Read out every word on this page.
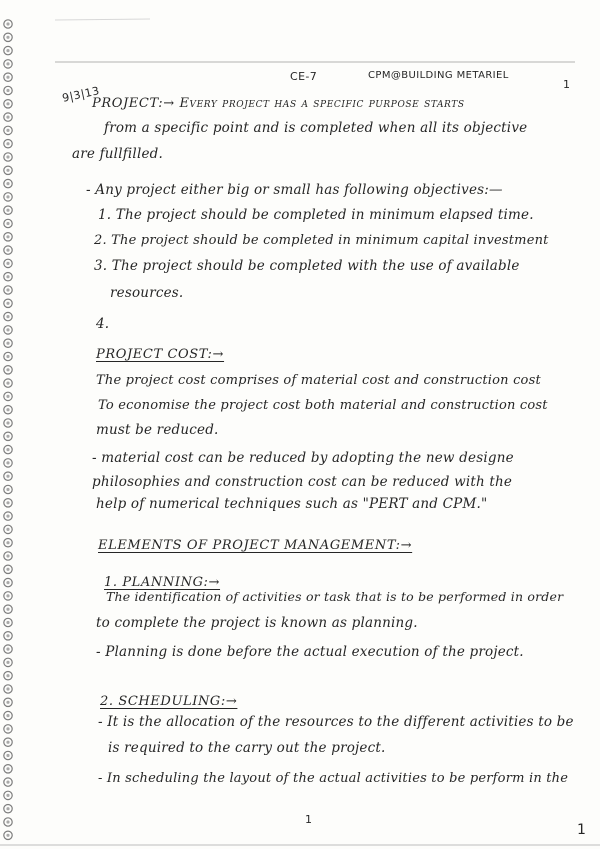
9|3|13
CE-7	CPM@BUILDING METARIEL
1
PROJECT:→ Every project has a specific purpose starts
from a specific point and is completed when all its objective
are fullfilled.
- Any project either big or small has following objectives:—
1. The project should be completed in minimum elapsed time.
2. The project should be completed in minimum capital investment
3. The project should be completed with the use of available
resources.
4.
PROJECT COST:→
The project cost comprises of material cost and construction cost
To economise the project cost both material and construction cost
must be reduced.
- material cost can be reduced by adopting the new designe
philosophies and construction cost can be reduced with the
help of numerical techniques such as "PERT and CPM."
ELEMENTS OF PROJECT MANAGEMENT:→
1. PLANNING:→
The identification of activities or task that is to be performed in order
to complete the project is known as planning.
- Planning is done before the actual execution of the project.
2. SCHEDULING:→
- It is the allocation of the resources to the different activities to be
is required to the carry out the project.
- In scheduling the layout of the actual activities to be perform in the
1
1
